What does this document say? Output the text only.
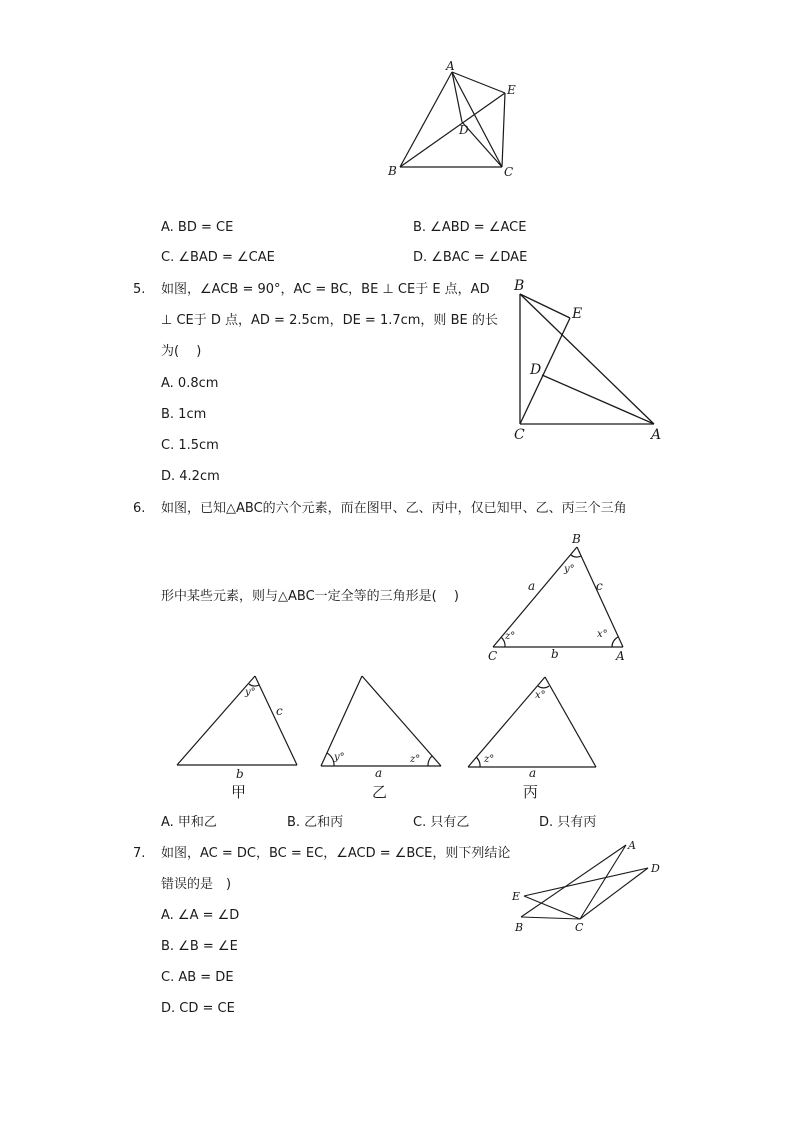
A
B	C
D
E
A. BD = CE	B. ∠ABD = ∠ACE
C. ∠BAD = ∠CAE	D. ∠BAC = ∠DAE
5. 如图，∠ACB = 90°，AC = BC，BE ⊥ CE于 E 点，AD
⊥ CE于 D 点，AD = 2.5cm，DE = 1.7cm，则 BE 的长
为(　 )
A. 0.8cm
B. 1cm
C. 1.5cm
D. 4.2cm
B
E
D
C	A
6. 如图，已知△ABC的六个元素，而在图甲、乙、丙中，仅已知甲、乙、丙三个三角
形中某些元素，则与△ABC一定全等的三角形是(　 )
B
y°
a	c
z°	x°
C	b	A
y°
c
b
甲
y°	z°
a
乙
x°
z°
a
丙
A. 甲和乙	B. 乙和丙	C. 只有乙	D. 只有丙
7. 如图，AC = DC，BC = EC，∠ACD = ∠BCE，则下列结论
错误的是　)
A. ∠A = ∠D
B. ∠B = ∠E
C. AB = DE
D. CD = CE
A
D
E
B	C
